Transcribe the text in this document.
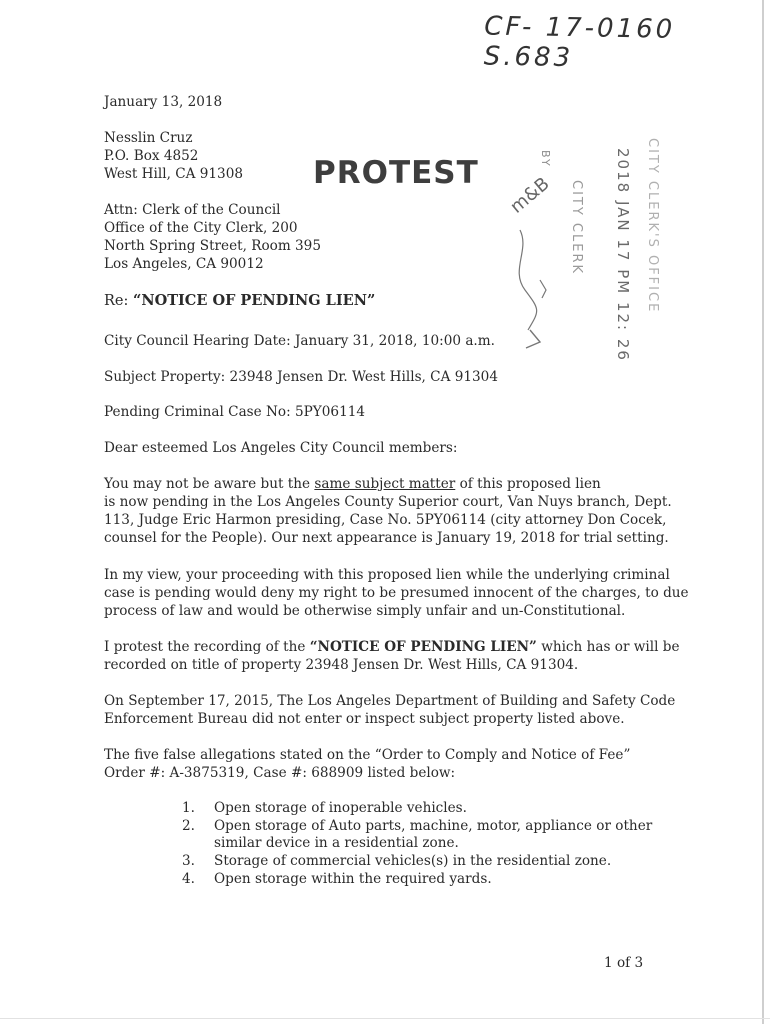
CF- 17-0160 S.683
January 13, 2018
Nesslin Cruz
P.O. Box 4852
West Hill, CA 91308 PROTEST	CITY CLERK'S OFFICE
2018 JAN 17 PM 12: 26
CITY CLERK
BY
m&B
Attn: Clerk of the Council
Office of the City Clerk, 200
North Spring Street, Room 395
Los Angeles, CA 90012
Re: “NOTICE OF PENDING LIEN”
City Council Hearing Date: January 31, 2018, 10:00 a.m.
Subject Property: 23948 Jensen Dr. West Hills, CA 91304
Pending Criminal Case No: 5PY06114
Dear esteemed Los Angeles City Council members:
You may not be aware but the same subject matter of this proposed lien
is now pending in the Los Angeles County Superior court, Van Nuys branch, Dept.
113, Judge Eric Harmon presiding, Case No. 5PY06114 (city attorney Don Cocek,
counsel for the People). Our next appearance is January 19, 2018 for trial setting.
In my view, your proceeding with this proposed lien while the underlying criminal
case is pending would deny my right to be presumed innocent of the charges, to due
process of law and would be otherwise simply unfair and un-Constitutional.
I protest the recording of the “NOTICE OF PENDING LIEN” which has or will be
recorded on title of property 23948 Jensen Dr. West Hills, CA 91304.
On September 17, 2015, The Los Angeles Department of Building and Safety Code
Enforcement Bureau did not enter or inspect subject property listed above.
The five false allegations stated on the “Order to Comply and Notice of Fee”
Order #: A-3875319, Case #: 688909 listed below:
1. Open storage of inoperable vehicles.
2. Open storage of Auto parts, machine, motor, appliance or other
similar device in a residential zone.
3. Storage of commercial vehicles(s) in the residential zone.
4. Open storage within the required yards.
1 of 3
